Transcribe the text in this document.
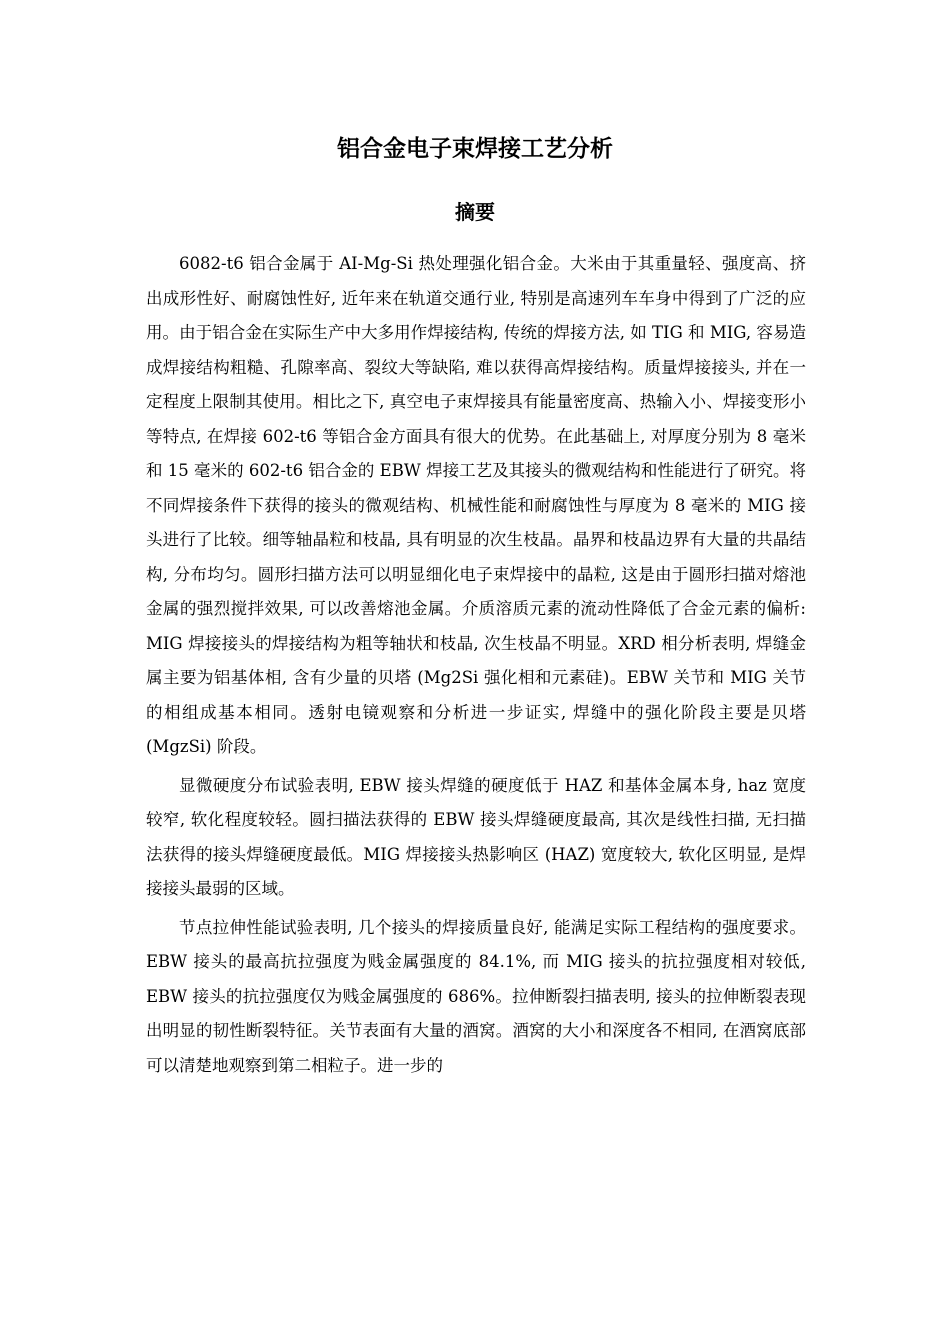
铝合金电子束焊接工艺分析
摘要

6082-t6 铝合金属于 AI-Mg-Si 热处理强化铝合金。大米由于其重量轻、强度高、挤出成形性好、耐腐蚀性好, 近年来在轨道交通行业, 特别是高速列车车身中得到了广泛的应用。由于铝合金在实际生产中大多用作焊接结构, 传统的焊接方法, 如 TIG 和 MIG, 容易造成焊接结构粗糙、孔隙率高、裂纹大等缺陷, 难以获得高焊接结构。质量焊接接头, 并在一定程度上限制其使用。相比之下, 真空电子束焊接具有能量密度高、热输入小、焊接变形小等特点, 在焊接 602-t6 等铝合金方面具有很大的优势。在此基础上, 对厚度分别为 8 毫米和 15 毫米的 602-t6 铝合金的 EBW 焊接工艺及其接头的微观结构和性能进行了研究。将不同焊接条件下获得的接头的微观结构、机械性能和耐腐蚀性与厚度为 8 毫米的 MIG 接头进行了比较。细等轴晶粒和枝晶, 具有明显的次生枝晶。晶界和枝晶边界有大量的共晶结构, 分布均匀。圆形扫描方法可以明显细化电子束焊接中的晶粒, 这是由于圆形扫描对熔池金属的强烈搅拌效果, 可以改善熔池金属。介质溶质元素的流动性降低了合金元素的偏析: MIG 焊接接头的焊接结构为粗等轴状和枝晶, 次生枝晶不明显。XRD 相分析表明, 焊缝金属主要为铝基体相, 含有少量的贝塔 (Mg2Si 强化相和元素硅)。EBW 关节和 MIG 关节的相组成基本相同。透射电镜观察和分析进一步证实, 焊缝中的强化阶段主要是贝塔 (MgzSi) 阶段。

显微硬度分布试验表明, EBW 接头焊缝的硬度低于 HAZ 和基体金属本身, haz 宽度较窄, 软化程度较轻。圆扫描法获得的 EBW 接头焊缝硬度最高, 其次是线性扫描, 无扫描法获得的接头焊缝硬度最低。MIG 焊接接头热影响区 (HAZ) 宽度较大, 软化区明显, 是焊接接头最弱的区域。

节点拉伸性能试验表明, 几个接头的焊接质量良好, 能满足实际工程结构的强度要求。EBW 接头的最高抗拉强度为贱金属强度的 84.1%, 而 MIG 接头的抗拉强度相对较低, EBW 接头的抗拉强度仅为贱金属强度的 686%。拉伸断裂扫描表明, 接头的拉伸断裂表现出明显的韧性断裂特征。关节表面有大量的酒窝。酒窝的大小和深度各不相同, 在酒窝底部可以清楚地观察到第二相粒子。进一步的
